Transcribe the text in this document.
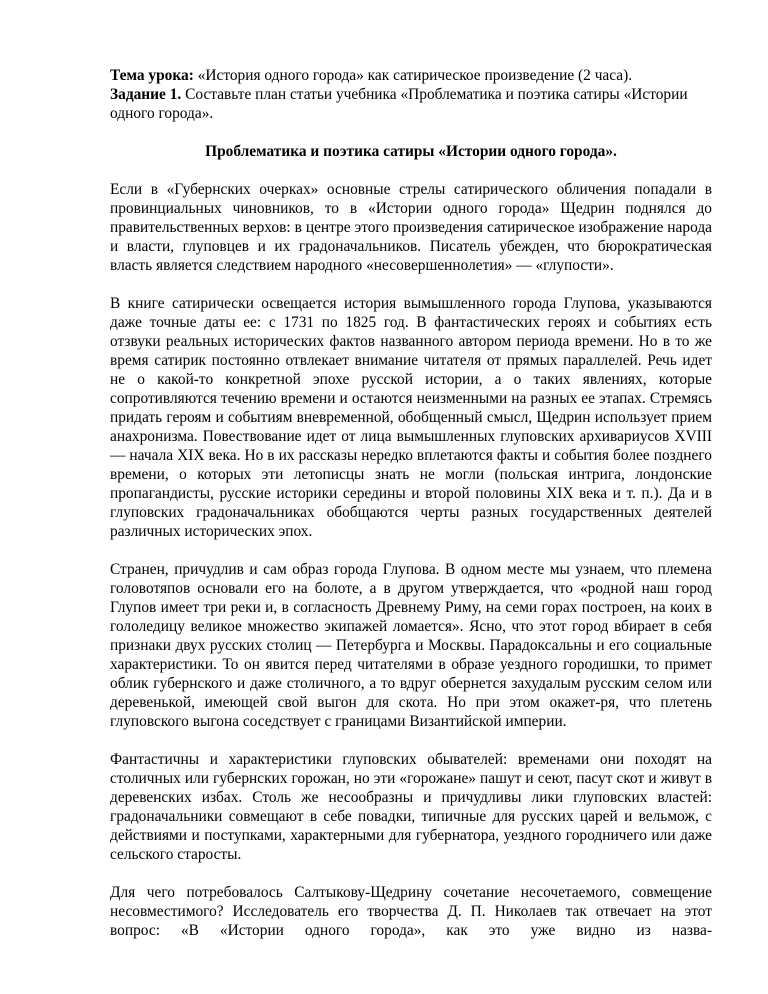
Тема урока: «История одного города» как сатирическое произведение (2 часа).

Задание 1. Составьте план статьи учебника «Проблематика и поэтика сатиры «Истории одного города».

Проблематика и поэтика сатиры «Истории одного города».

Если в «Губернских очерках» основные стрелы сатирического обличения попадали в провинциальных чиновников, то в «Истории одного города» Щедрин поднялся до правительственных верхов: в центре этого произведения сатирическое изображение народа и власти, глуповцев и их градоначальников. Писатель убежден, что бюрократическая власть является следствием народного «несовершеннолетия» — «глупости».

В книге сатирически освещается история вымышленного города Глупова, указываются даже точные даты ее: с 1731 по 1825 год. В фантастических героях и событиях есть отзвуки реальных исторических фактов названного автором периода времени. Но в то же время сатирик постоянно отвлекает внимание читателя от прямых параллелей. Речь идет не о какой-то конкретной эпохе русской истории, а о таких явлениях, которые сопротивляются течению времени и остаются неизменными на разных ее этапах. Стремясь придать героям и событиям вневременной, обобщенный смысл, Щедрин использует прием анахронизма. Повествование идет от лица вымышленных глуповских архивариусов XVIII — начала XIX века. Но в их рассказы нередко вплетаются факты и события более позднего времени, о которых эти летописцы знать не могли (польская интрига, лондонские пропагандисты, русские историки середины и второй половины XIX века и т. п.). Да и в глуповских градоначальниках обобщаются черты разных государственных деятелей различных исторических эпох.

Странен, причудлив и сам образ города Глупова. В одном месте мы узнаем, что племена головотяпов основали его на болоте, а в другом утверждается, что «родной наш город Глупов имеет три реки и, в согласность Древнему Риму, на семи горах построен, на коих в гололедицу великое множество экипажей ломается». Ясно, что этот город вбирает в себя признаки двух русских столиц — Петербурга и Москвы. Парадоксальны и его социальные характеристики. То он явится перед читателями в образе уездного городишки, то примет облик губернского и даже столичного, а то вдруг обернется захудалым русским селом или деревенькой, имеющей свой выгон для скота. Но при этом окажет-ря, что плетень глуповского выгона соседствует с границами Византийской империи.

Фантастичны и характеристики глуповских обывателей: временами они походят на столичных или губернских горожан, но эти «горожане» пашут и сеют, пасут скот и живут в деревенских избах. Столь же несообразны и причудливы лики глуповских властей: градоначальники совмещают в себе повадки, типичные для русских царей и вельмож, с действиями и поступками, характерными для губернатора, уездного городничего или даже сельского старосты.

Для чего потребовалось Салтыкову-Щедрину сочетание несочетаемого, совмещение несовместимого? Исследователь его творчества Д. П. Николаев так отвечает на этот вопрос: «В «Истории одного города», как это уже видно из назва-
